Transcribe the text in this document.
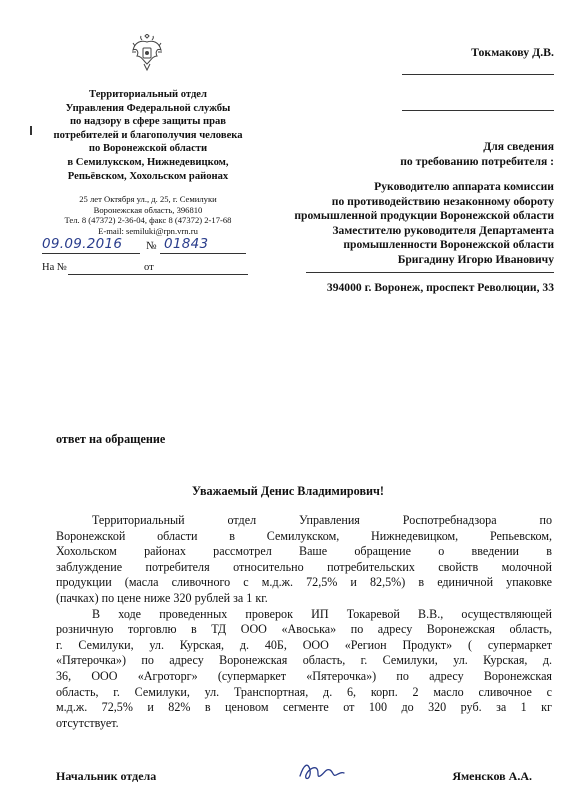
Территориальный отдел
Управления Федеральной службы
по надзору в сфере защиты прав
потребителей и благополучия человека
по Воронежской области
в Семилукском, Нижнедевицком,
Репьёвском, Хохольском районах
25 лет Октября ул., д. 25, г. Семилуки
Воронежская область, 396810
Тел. 8 (47372) 2-36-04, факс 8 (47372) 2-17-68
E-mail: semiluki@rpn.vrn.ru
09.09.2016 № 01843
На №	от
Токмакову Д.В.
Для сведения
по требованию потребителя :
Руководителю аппарата комиссии
по противодействию незаконному обороту
промышленной продукции Воронежской области
Заместителю руководителя Департамента
промышленности Воронежской области
Бригадину Игорю Ивановичу
394000 г. Воронеж, проспект Революции, 33
ответ на обращение
Уважаемый Денис Владимирович!

Территориальный отдел Управления Роспотребнадзора по

Воронежской области в Семилукском, Нижнедевицком, Репьевском,

Хохольском районах рассмотрел Ваше обращение о введении в

заблуждение потребителя относительно потребительских свойств молочной

продукции (масла сливочного с м.д.ж. 72,5% и 82,5%) в единичной упаковке

(пачках) по цене ниже 320 рублей за 1 кг.

В ходе проведенных проверок ИП Токаревой В.В., осуществляющей

розничную торговлю в ТД ООО «Авоська» по адресу Воронежская область,

г. Семилуки, ул. Курская, д. 40Б, ООО «Регион Продукт» ( супермаркет

«Пятерочка») по адресу Воронежская область, г. Семилуки, ул. Курская, д.

36, ООО «Агроторг» (супермаркет «Пятерочка») по адресу Воронежская

область, г. Семилуки, ул. Транспортная, д. 6, корп. 2 масло сливочное с

м.д.ж. 72,5% и 82% в ценовом сегменте от 100 до 320 руб. за 1 кг

отсутствует.

Начальник отдела	Яменсков А.А.
